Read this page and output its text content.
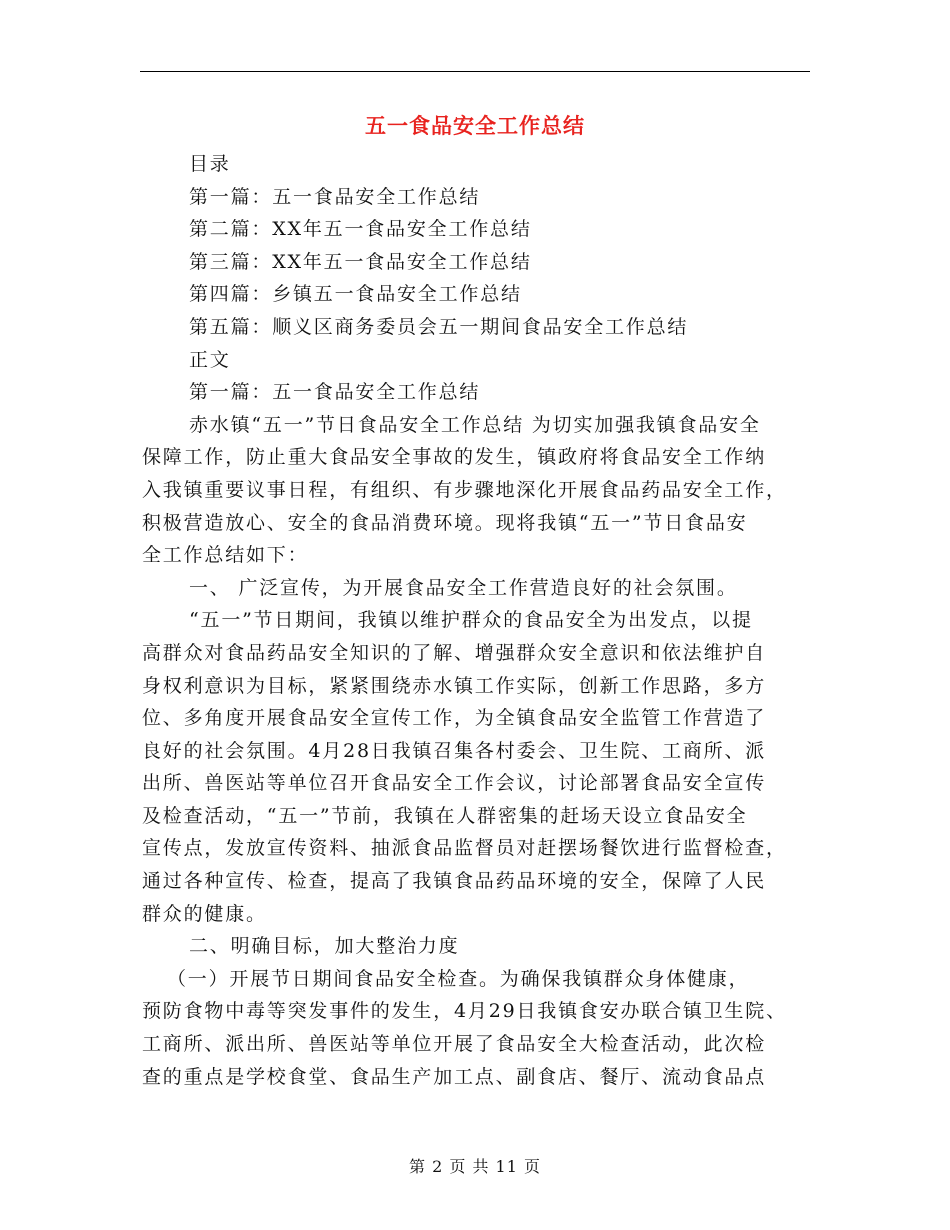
五一食品安全工作总结
目录
第一篇：五一食品安全工作总结
第二篇：XX年五一食品安全工作总结
第三篇：XX年五一食品安全工作总结
第四篇：乡镇五一食品安全工作总结
第五篇：顺义区商务委员会五一期间食品安全工作总结
正文
第一篇：五一食品安全工作总结
赤水镇“五一”节日食品安全工作总结 为切实加强我镇食品安全
保障工作，防止重大食品安全事故的发生，镇政府将食品安全工作纳
入我镇重要议事日程，有组织、有步骤地深化开展食品药品安全工作，
积极营造放心、安全的食品消费环境。现将我镇“五一”节日食品安
全工作总结如下：
一、 广泛宣传，为开展食品安全工作营造良好的社会氛围。
“五一”节日期间，我镇以维护群众的食品安全为出发点，以提
高群众对食品药品安全知识的了解、增强群众安全意识和依法维护自
身权利意识为目标，紧紧围绕赤水镇工作实际，创新工作思路，多方
位、多角度开展食品安全宣传工作，为全镇食品安全监管工作营造了
良好的社会氛围。4月28日我镇召集各村委会、卫生院、工商所、派
出所、兽医站等单位召开食品安全工作会议，讨论部署食品安全宣传
及检查活动，“五一”节前，我镇在人群密集的赶场天设立食品安全
宣传点，发放宣传资料、抽派食品监督员对赶摆场餐饮进行监督检查，
通过各种宣传、检查，提高了我镇食品药品环境的安全，保障了人民
群众的健康。
二、明确目标，加大整治力度
（一）开展节日期间食品安全检查。为确保我镇群众身体健康，
预防食物中毒等突发事件的发生，4月29日我镇食安办联合镇卫生院、
工商所、派出所、兽医站等单位开展了食品安全大检查活动，此次检
查的重点是学校食堂、食品生产加工点、副食店、餐厅、流动食品点
第 2 页 共 11 页
